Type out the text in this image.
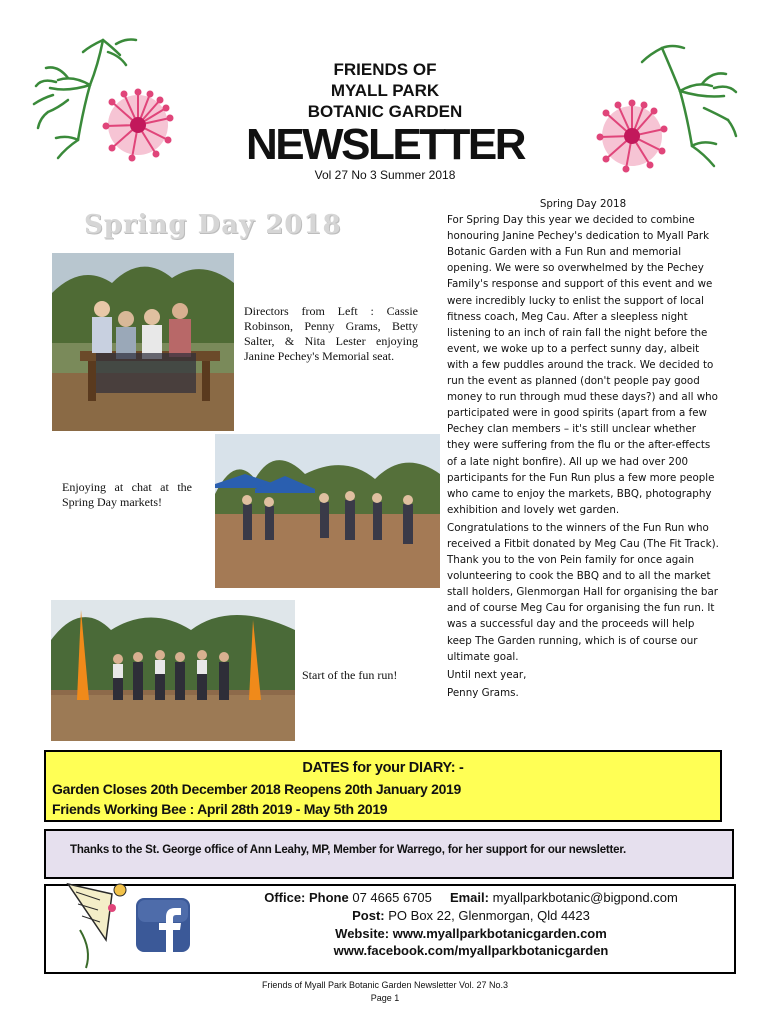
FRIENDS OF
MYALL PARK
BOTANIC GARDEN
NEWSLETTER
Vol 27 No 3 Summer 2018
Spring Day 2018
Directors from Left : Cassie Robinson, Penny Grams, Betty Salter, & Nita Lester enjoying Janine Pechey's Memorial seat.
Enjoying at chat at the Spring Day markets!
Start of the fun run!

Spring Day 2018

For Spring Day this year we decided to combine honouring Janine Pechey's dedication to Myall Park Botanic Garden with a Fun Run and memorial opening. We were so overwhelmed by the Pechey Family's response and support of this event and we were incredibly lucky to enlist the support of local fitness coach, Meg Cau. After a sleepless night listening to an inch of rain fall the night before the event, we woke up to a perfect sunny day, albeit with a few puddles around the track. We decided to run the event as planned (don't people pay good money to run through mud these days?) and all who participated were in good spirits (apart from a few Pechey clan members – it's still unclear whether they were suffering from the flu or the after-effects of a late night bonfire). All up we had over 200 participants for the Fun Run plus a few more people who came to enjoy the markets, BBQ, photography exhibition and lovely wet garden.

Congratulations to the winners of the Fun Run who received a Fitbit donated by Meg Cau (The Fit Track). Thank you to the von Pein family for once again volunteering to cook the BBQ and to all the market stall holders, Glenmorgan Hall for organising the bar and of course Meg Cau for organising the fun run. It was a successful day and the proceeds will help keep The Garden running, which is of course our ultimate goal.

Until next year,

Penny Grams.

DATES for your DIARY: -
Garden Closes 20th December 2018 Reopens 20th January 2019
Friends Working Bee : April 28th 2019 - May 5th 2019
Thanks to the St. George office of Ann Leahy, MP, Member for Warrego, for her support for our newsletter.
Office: Phone 07 4665 6705 Email: myallparkbotanic@bigpond.com
Post: PO Box 22, Glenmorgan, Qld 4423
Website: www.myallparkbotanicgarden.com
www.facebook.com/myallparkbotanicgarden
Friends of Myall Park Botanic Garden Newsletter Vol. 27 No.3
Page 1
